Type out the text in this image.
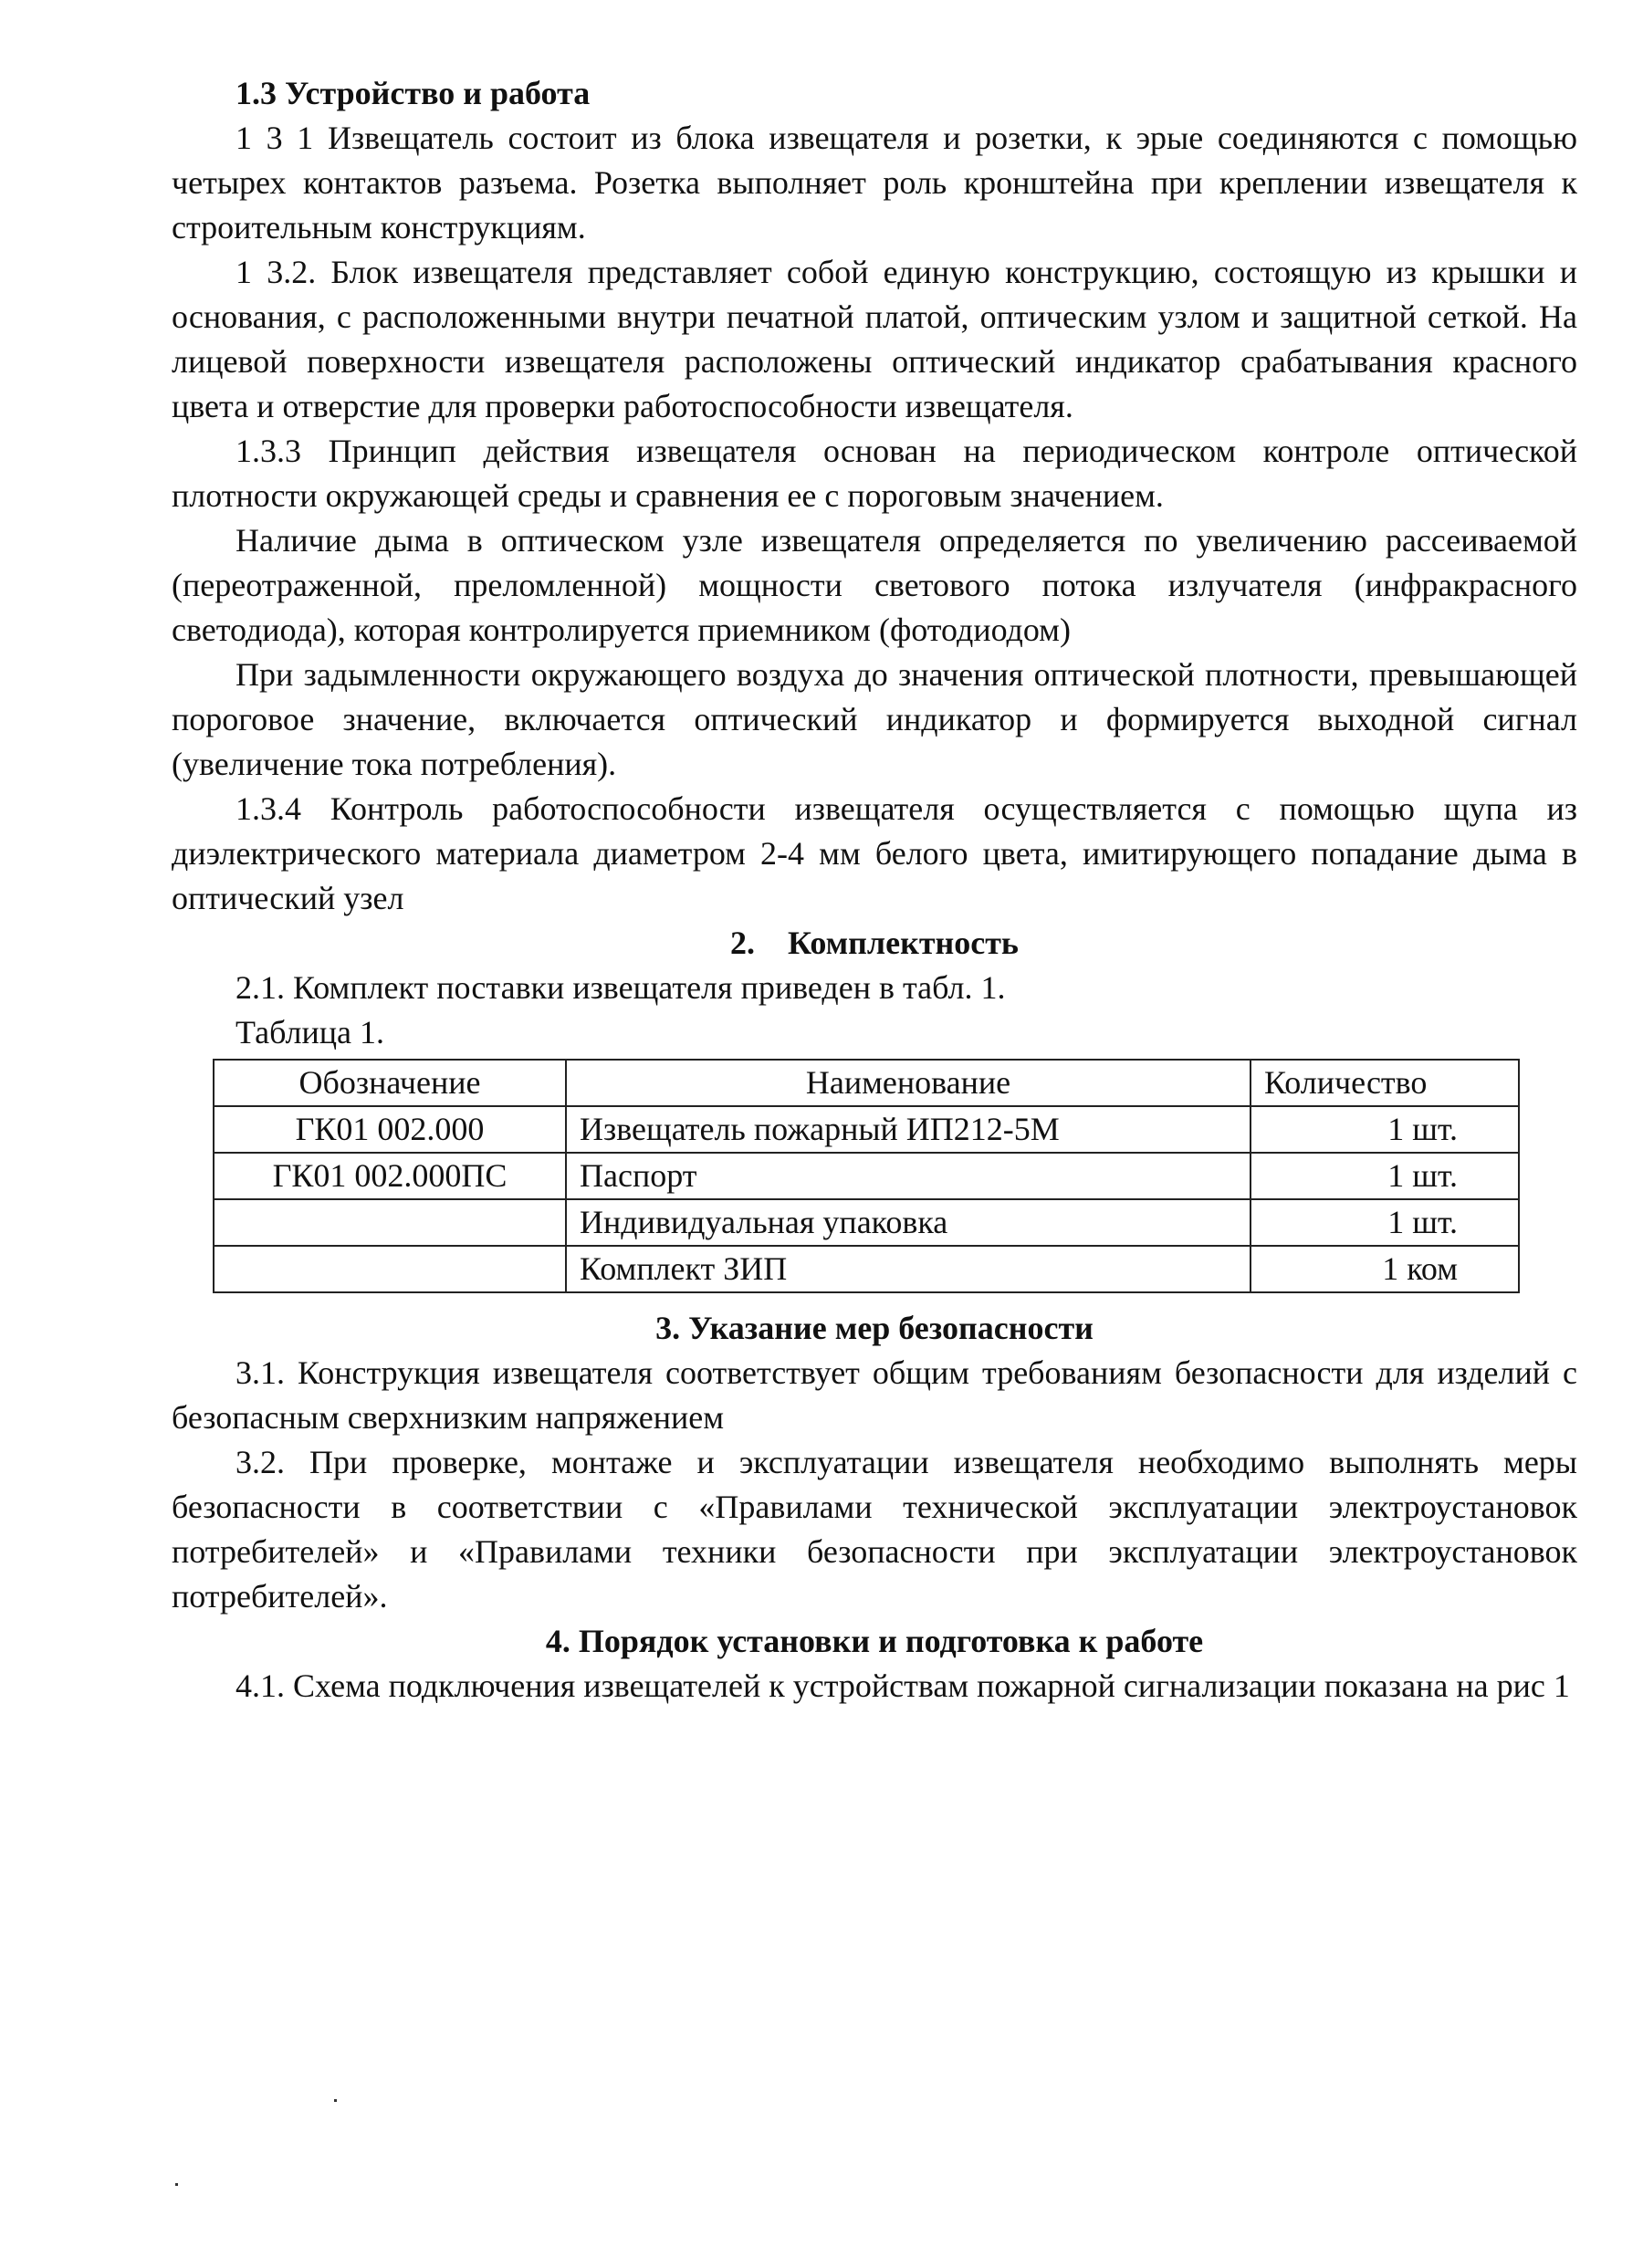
1.3 Устройство и работа

1 3 1 Извещатель состоит из блока извещателя и розетки, к эрые соединяются с помощью четырех контактов разъема. Розетка выполняет роль кронштейна при креплении извещателя к строительным конструкциям.

1 3.2. Блок извещателя представляет собой единую конструкцию, состоящую из крышки и основания, с расположенными внутри печатной платой, оптическим узлом и защитной сеткой. На лицевой поверхности извещателя расположены оптический индикатор срабатывания красного цвета и отверстие для проверки работоспособности извещателя.

1.3.3 Принцип действия извещателя основан на периодическом контроле оптической плотности окружающей среды и сравнения ее с пороговым значением.

Наличие дыма в оптическом узле извещателя определяется по увеличению рассеиваемой (переотраженной, преломленной) мощности светового потока излучателя (инфракрасного светодиода), которая контролируется приемником (фотодиодом)

При задымленности окружающего воздуха до значения оптической плотности, превышающей пороговое значение, включается оптический индикатор и формируется выходной сигнал (увеличение тока потребления).

1.3.4 Контроль работоспособности извещателя осуществляется с помощью щупа из диэлектрического материала диаметром 2-4 мм белого цвета, имитирующего попадание дыма в оптический узел

2.    Комплектность

2.1. Комплект поставки извещателя приведен в табл. 1.

Таблица 1.

Обозначение	Наименование	Количество
ГК01 002.000	Извещатель пожарный ИП212-5М	1 шт.
ГК01 002.000ПС	Паспорт	1 шт.
	Индивидуальная упаковка	1 шт.
	Комплект ЗИП	1 ком
3. Указание мер безопасности

3.1. Конструкция извещателя соответствует общим требованиям безопасности для изделий с безопасным сверхнизким напряжением

3.2. При проверке, монтаже и эксплуатации извещателя необходимо выполнять меры безопасности в соответствии с «Правилами технической эксплуатации электроустановок потребителей» и «Правилами техники безопасности при эксплуатации электроустановок потребителей».

4. Порядок установки и подготовка к работе

4.1. Схема подключения извещателей к устройствам пожарной сигнализации показана на рис 1
